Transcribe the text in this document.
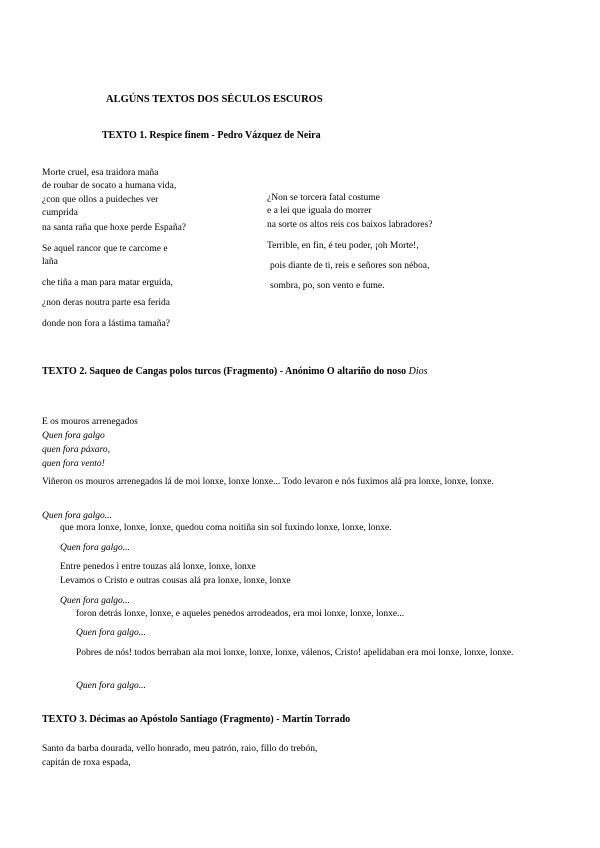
ALGÚNS TEXTOS DOS SÉCULOS ESCUROS
TEXTO 1. Respice finem - Pedro Vázquez de Neira
Morte cruel, esa traidora maña
de roubar de socato a humana vida,
¿con que ollos a puideches ver
cumprida
na santa raña que hoxe perde España?
Se aquel rancor que te carcome e
laña
che tiña a man para matar erguida,
¿non deras noutra parte esa ferida
donde non fora a lástima tamaña?
¿Non se torcera fatal costume
e a lei que iguala do morrer
na sorte os altos reis cos baixos labradores?
Terrible, en fin, é teu poder, ¡oh Morte!,
pois diante de ti, reis e señores son néboa,
sombra, po, son vento e fume.
TEXTO 2. Saqueo de Cangas polos turcos (Fragmento) - Anónimo O altariño do noso Dios
E os mouros arrenegados
Quen fora galgo
quen fora páxaro,
quen fora vento!
Viñeron os mouros arrenegados lá de moi lonxe, lonxe lonxe... Todo levaron e nós fuximos alá pra lonxe, lonxe, lonxe.
Quen fora galgo...
que mora lonxe, lonxe, lonxe, quedou coma noitiña sin sol fuxindo lonxe, lonxe, lonxe.
Quen fora galgo...
Entre penedos i entre touzas alá lonxe, lonxe, lonxe
Levamos o Cristo e outras cousas alá pra lonxe, lonxe, lonxe
Quen fora galgo...
foron detrás lonxe, lonxe, e aqueles penedos arrodeados, era moi lonxe, lonxe, lonxe...
Quen fora galgo...
Pobres de nós! todos berraban ala moi lonxe, lonxe, lonxe, válenos, Cristo! apelidaban era moi lonxe, lonxe, lonxe.
Quen fora galgo...
TEXTO 3. Décimas ao Apóstolo Santiago (Fragmento) - Martín Torrado
Santo da barba dourada, vello honrado, meu patrón, raio, fillo do trebón,
capitán de roxa espada,
